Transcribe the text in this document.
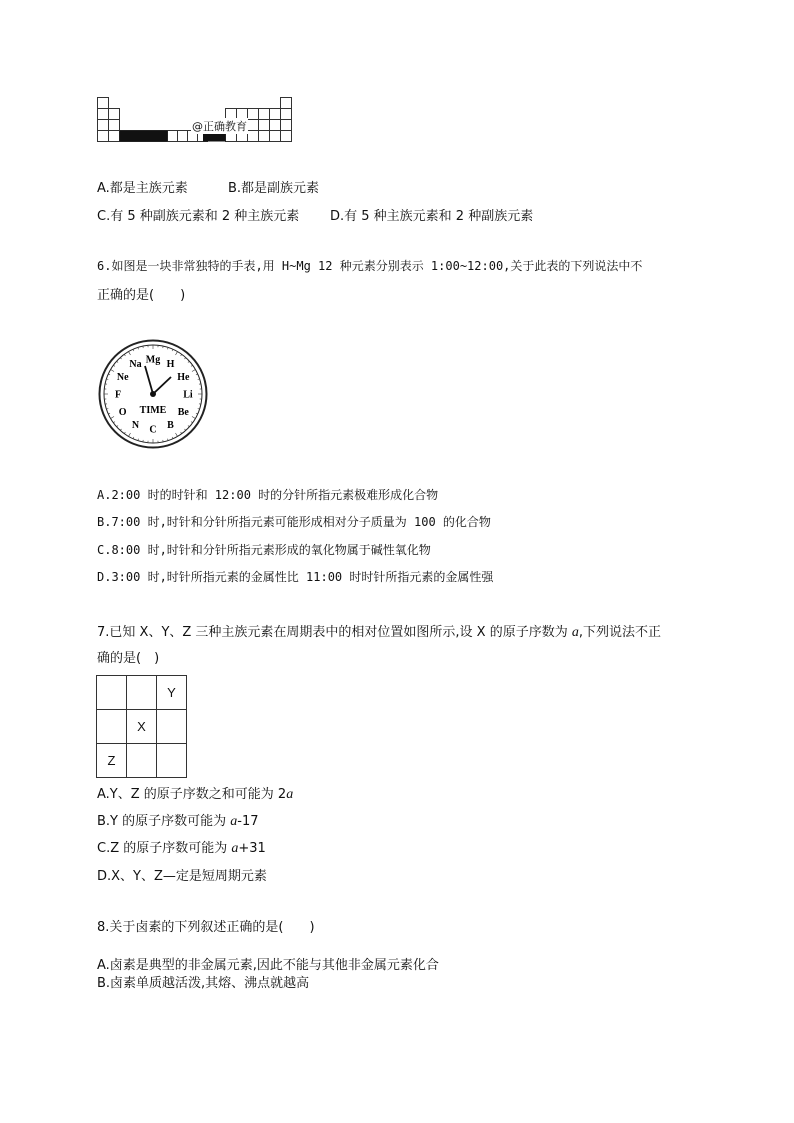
@正确教育
A.都是主族元素	B.都是副族元素
C.有 5 种副族元素和 2 种主族元素 D.有 5 种主族元素和 2 种副族元素
6.如图是一块非常独特的手表,用 H~Mg 12 种元素分别表示 1:00~12:00,关于此表的下列说法中不
正确的是(　　)
H
He
Li
Be
B
C
N
O
F
Ne
Na Mg
TIME
A.2:00 时的时针和 12:00 时的分针所指元素极难形成化合物
B.7:00 时,时针和分针所指元素可能形成相对分子质量为 100 的化合物
C.8:00 时,时针和分针所指元素形成的氧化物属于碱性氧化物
D.3:00 时,时针所指元素的金属性比 11:00 时时针所指元素的金属性强
7.已知 X、Y、Z 三种主族元素在周期表中的相对位置如图所示,设 X 的原子序数为 a,下列说法不正
确的是(　)
		Y
	X	
Z		
A.Y、Z 的原子序数之和可能为 2a
B.Y 的原子序数可能为 a-17
C.Z 的原子序数可能为 a+31
D.X、Y、Z—定是短周期元素
8.关于卤素的下列叙述正确的是(　　)
A.卤素是典型的非金属元素,因此不能与其他非金属元素化合
B.卤素单质越活泼,其熔、沸点就越高
